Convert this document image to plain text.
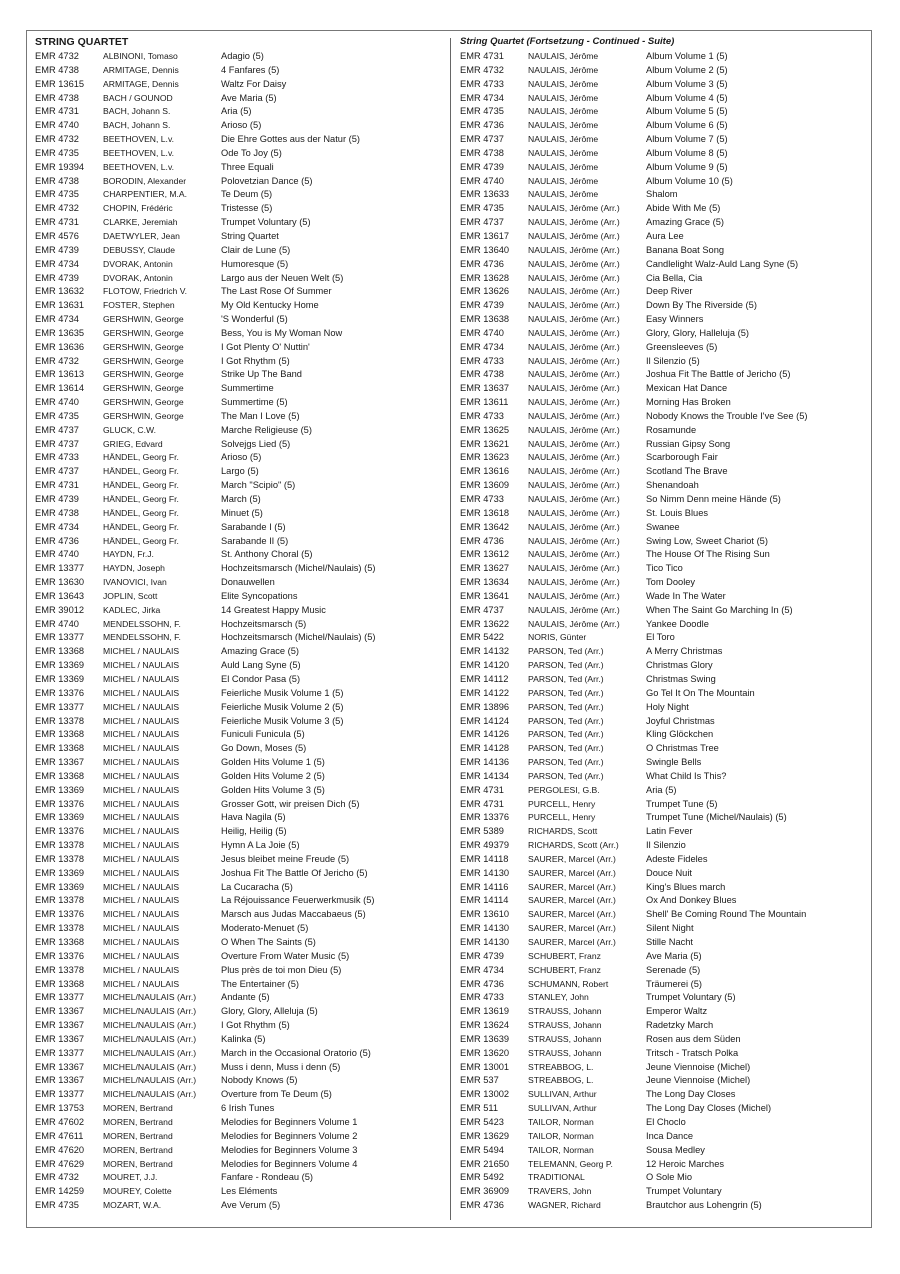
STRING QUARTET
EMR 4732	ALBINONI, Tomaso	Adagio (5)
EMR 4738	ARMITAGE, Dennis	4 Fanfares (5)
EMR 13615	ARMITAGE, Dennis	Waltz For Daisy
EMR 4738	BACH / GOUNOD	Ave Maria (5)
EMR 4731	BACH, Johann S.	Aria (5)
EMR 4740	BACH, Johann S.	Arioso (5)
EMR 4732	BEETHOVEN, L.v.	Die Ehre Gottes aus der Natur (5)
EMR 4735	BEETHOVEN, L.v.	Ode To Joy (5)
EMR 19394	BEETHOVEN, L.v.	Three Equali
EMR 4738	BORODIN, Alexander	Polovetzian Dance (5)
EMR 4735	CHARPENTIER, M.A.	Te Deum (5)
EMR 4732	CHOPIN, Frédéric	Tristesse (5)
EMR 4731	CLARKE, Jeremiah	Trumpet Voluntary (5)
EMR 4576	DAETWYLER, Jean	String Quartet
EMR 4739	DEBUSSY, Claude	Clair de Lune (5)
EMR 4734	DVORAK, Antonin	Humoresque (5)
EMR 4739	DVORAK, Antonin	Largo aus der Neuen Welt (5)
EMR 13632	FLOTOW, Friedrich V.	The Last Rose Of Summer
EMR 13631	FOSTER, Stephen	My Old Kentucky Home
EMR 4734	GERSHWIN, George	'S Wonderful (5)
EMR 13635	GERSHWIN, George	Bess, You is My Woman Now
EMR 13636	GERSHWIN, George	I Got Plenty O' Nuttin'
EMR 4732	GERSHWIN, George	I Got Rhythm (5)
EMR 13613	GERSHWIN, George	Strike Up The Band
EMR 13614	GERSHWIN, George	Summertime
EMR 4740	GERSHWIN, George	Summertime (5)
EMR 4735	GERSHWIN, George	The Man I Love (5)
EMR 4737	GLUCK, C.W.	Marche Religieuse (5)
EMR 4737	GRIEG, Edvard	Solvejgs Lied (5)
EMR 4733	HÄNDEL, Georg Fr.	Arioso (5)
EMR 4737	HÄNDEL, Georg Fr.	Largo (5)
EMR 4731	HÄNDEL, Georg Fr.	March "Scipio" (5)
EMR 4739	HÄNDEL, Georg Fr.	March (5)
EMR 4738	HÄNDEL, Georg Fr.	Minuet (5)
EMR 4734	HÄNDEL, Georg Fr.	Sarabande I (5)
EMR 4736	HÄNDEL, Georg Fr.	Sarabande II (5)
EMR 4740	HAYDN, Fr.J.	St. Anthony Choral (5)
EMR 13377	HAYDN, Joseph	Hochzeitsmarsch (Michel/Naulais) (5)
EMR 13630	IVANOVICI, Ivan	Donauwellen
EMR 13643	JOPLIN, Scott	Elite Syncopations
EMR 39012	KADLEC, Jirka	14 Greatest Happy Music
EMR 4740	MENDELSSOHN, F.	Hochzeitsmarsch (5)
EMR 13377	MENDELSSOHN, F.	Hochzeitsmarsch (Michel/Naulais) (5)
EMR 13368	MICHEL / NAULAIS	Amazing Grace (5)
EMR 13369	MICHEL / NAULAIS	Auld Lang Syne (5)
EMR 13369	MICHEL / NAULAIS	El Condor Pasa (5)
EMR 13376	MICHEL / NAULAIS	Feierliche Musik Volume 1 (5)
EMR 13377	MICHEL / NAULAIS	Feierliche Musik Volume 2 (5)
EMR 13378	MICHEL / NAULAIS	Feierliche Musik Volume 3 (5)
EMR 13368	MICHEL / NAULAIS	Funiculi Funicula (5)
EMR 13368	MICHEL / NAULAIS	Go Down, Moses (5)
EMR 13367	MICHEL / NAULAIS	Golden Hits Volume 1 (5)
EMR 13368	MICHEL / NAULAIS	Golden Hits Volume 2 (5)
EMR 13369	MICHEL / NAULAIS	Golden Hits Volume 3 (5)
EMR 13376	MICHEL / NAULAIS	Grosser Gott, wir preisen Dich (5)
EMR 13369	MICHEL / NAULAIS	Hava Nagila (5)
EMR 13376	MICHEL / NAULAIS	Heilig, Heilig (5)
EMR 13378	MICHEL / NAULAIS	Hymn A La Joie (5)
EMR 13378	MICHEL / NAULAIS	Jesus bleibet meine Freude (5)
EMR 13369	MICHEL / NAULAIS	Joshua Fit The Battle Of Jericho (5)
EMR 13369	MICHEL / NAULAIS	La Cucaracha (5)
EMR 13378	MICHEL / NAULAIS	La Réjouissance Feuerwerkmusik (5)
EMR 13376	MICHEL / NAULAIS	Marsch aus Judas Maccabaeus (5)
EMR 13378	MICHEL / NAULAIS	Moderato-Menuet (5)
EMR 13368	MICHEL / NAULAIS	O When The Saints (5)
EMR 13376	MICHEL / NAULAIS	Overture From Water Music (5)
EMR 13378	MICHEL / NAULAIS	Plus près de toi mon Dieu (5)
EMR 13368	MICHEL / NAULAIS	The Entertainer (5)
EMR 13377	MICHEL/NAULAIS (Arr.)	Andante (5)
EMR 13367	MICHEL/NAULAIS (Arr.)	Glory, Glory, Alleluja (5)
EMR 13367	MICHEL/NAULAIS (Arr.)	I Got Rhythm (5)
EMR 13367	MICHEL/NAULAIS (Arr.)	Kalinka (5)
EMR 13377	MICHEL/NAULAIS (Arr.)	March in the Occasional Oratorio (5)
EMR 13367	MICHEL/NAULAIS (Arr.)	Muss i denn, Muss i denn (5)
EMR 13367	MICHEL/NAULAIS (Arr.)	Nobody Knows (5)
EMR 13377	MICHEL/NAULAIS (Arr.)	Overture from Te Deum (5)
EMR 13753	MOREN, Bertrand	6 Irish Tunes
EMR 47602	MOREN, Bertrand	Melodies for Beginners Volume 1
EMR 47611	MOREN, Bertrand	Melodies for Beginners Volume 2
EMR 47620	MOREN, Bertrand	Melodies for Beginners Volume 3
EMR 47629	MOREN, Bertrand	Melodies for Beginners Volume 4
EMR 4732	MOURET, J.J.	Fanfare - Rondeau (5)
EMR 14259	MOUREY, Colette	Les Eléments
EMR 4735	MOZART, W.A.	Ave Verum (5)
String Quartet (Fortsetzung - Continued - Suite)
EMR 4731	NAULAIS, Jérôme	Album Volume 1 (5)
EMR 4732	NAULAIS, Jérôme	Album Volume 2 (5)
EMR 4733	NAULAIS, Jérôme	Album Volume 3 (5)
EMR 4734	NAULAIS, Jérôme	Album Volume 4 (5)
EMR 4735	NAULAIS, Jérôme	Album Volume 5 (5)
EMR 4736	NAULAIS, Jérôme	Album Volume 6 (5)
EMR 4737	NAULAIS, Jérôme	Album Volume 7 (5)
EMR 4738	NAULAIS, Jérôme	Album Volume 8 (5)
EMR 4739	NAULAIS, Jérôme	Album Volume 9 (5)
EMR 4740	NAULAIS, Jérôme	Album Volume 10 (5)
EMR 13633	NAULAIS, Jérôme	Shalom
EMR 4735	NAULAIS, Jérôme (Arr.)	Abide With Me (5)
EMR 4737	NAULAIS, Jérôme (Arr.)	Amazing Grace (5)
EMR 13617	NAULAIS, Jérôme (Arr.)	Aura Lee
EMR 13640	NAULAIS, Jérôme (Arr.)	Banana Boat Song
EMR 4736	NAULAIS, Jérôme (Arr.)	Candlelight Walz-Auld Lang Syne (5)
EMR 13628	NAULAIS, Jérôme (Arr.)	Cia Bella, Cia
EMR 13626	NAULAIS, Jérôme (Arr.)	Deep River
EMR 4739	NAULAIS, Jérôme (Arr.)	Down By The Riverside (5)
EMR 13638	NAULAIS, Jérôme (Arr.)	Easy Winners
EMR 4740	NAULAIS, Jérôme (Arr.)	Glory, Glory, Halleluja (5)
EMR 4734	NAULAIS, Jérôme (Arr.)	Greensleeves (5)
EMR 4733	NAULAIS, Jérôme (Arr.)	Il Silenzio (5)
EMR 4738	NAULAIS, Jérôme (Arr.)	Joshua Fit The Battle of Jericho (5)
EMR 13637	NAULAIS, Jérôme (Arr.)	Mexican Hat Dance
EMR 13611	NAULAIS, Jérôme (Arr.)	Morning Has Broken
EMR 4733	NAULAIS, Jérôme (Arr.)	Nobody Knows the Trouble I've See (5)
EMR 13625	NAULAIS, Jérôme (Arr.)	Rosamunde
EMR 13621	NAULAIS, Jérôme (Arr.)	Russian Gipsy Song
EMR 13623	NAULAIS, Jérôme (Arr.)	Scarborough Fair
EMR 13616	NAULAIS, Jérôme (Arr.)	Scotland The Brave
EMR 13609	NAULAIS, Jérôme (Arr.)	Shenandoah
EMR 4733	NAULAIS, Jérôme (Arr.)	So Nimm Denn meine Hände (5)
EMR 13618	NAULAIS, Jérôme (Arr.)	St. Louis Blues
EMR 13642	NAULAIS, Jérôme (Arr.)	Swanee
EMR 4736	NAULAIS, Jérôme (Arr.)	Swing Low, Sweet Chariot (5)
EMR 13612	NAULAIS, Jérôme (Arr.)	The House Of The Rising Sun
EMR 13627	NAULAIS, Jérôme (Arr.)	Tico Tico
EMR 13634	NAULAIS, Jérôme (Arr.)	Tom Dooley
EMR 13641	NAULAIS, Jérôme (Arr.)	Wade In The Water
EMR 4737	NAULAIS, Jérôme (Arr.)	When The Saint Go Marching In (5)
EMR 13622	NAULAIS, Jérôme (Arr.)	Yankee Doodle
EMR 5422	NORIS, Günter	El Toro
EMR 14132	PARSON, Ted (Arr.)	A Merry Christmas
EMR 14120	PARSON, Ted (Arr.)	Christmas Glory
EMR 14112	PARSON, Ted (Arr.)	Christmas Swing
EMR 14122	PARSON, Ted (Arr.)	Go Tel It On The Mountain
EMR 13896	PARSON, Ted (Arr.)	Holy Night
EMR 14124	PARSON, Ted (Arr.)	Joyful Christmas
EMR 14126	PARSON, Ted (Arr.)	Kling Glöckchen
EMR 14128	PARSON, Ted (Arr.)	O Christmas Tree
EMR 14136	PARSON, Ted (Arr.)	Swingle Bells
EMR 14134	PARSON, Ted (Arr.)	What Child Is This?
EMR 4731	PERGOLESI, G.B.	Aria (5)
EMR 4731	PURCELL, Henry	Trumpet Tune (5)
EMR 13376	PURCELL, Henry	Trumpet Tune (Michel/Naulais) (5)
EMR 5389	RICHARDS, Scott	Latin Fever
EMR 49379	RICHARDS, Scott (Arr.)	Il Silenzio
EMR 14118	SAURER, Marcel (Arr.)	Adeste Fideles
EMR 14130	SAURER, Marcel (Arr.)	Douce Nuit
EMR 14116	SAURER, Marcel (Arr.)	King's Blues march
EMR 14114	SAURER, Marcel (Arr.)	Ox And Donkey Blues
EMR 13610	SAURER, Marcel (Arr.)	Shell' Be Coming Round The Mountain
EMR 14130	SAURER, Marcel (Arr.)	Silent Night
EMR 14130	SAURER, Marcel (Arr.)	Stille Nacht
EMR 4739	SCHUBERT, Franz	Ave Maria (5)
EMR 4734	SCHUBERT, Franz	Serenade (5)
EMR 4736	SCHUMANN, Robert	Träumerei (5)
EMR 4733	STANLEY, John	Trumpet Voluntary (5)
EMR 13619	STRAUSS, Johann	Emperor Waltz
EMR 13624	STRAUSS, Johann	Radetzky March
EMR 13639	STRAUSS, Johann	Rosen aus dem Süden
EMR 13620	STRAUSS, Johann	Tritsch - Tratsch Polka
EMR 13001	STREABBOG, L.	Jeune Viennoise (Michel)
EMR 537	STREABBOG, L.	Jeune Viennoise (Michel)
EMR 13002	SULLIVAN, Arthur	The Long Day Closes
EMR 511	SULLIVAN, Arthur	The Long Day Closes (Michel)
EMR 5423	TAILOR, Norman	El Choclo
EMR 13629	TAILOR, Norman	Inca Dance
EMR 5494	TAILOR, Norman	Sousa Medley
EMR 21650	TELEMANN, Georg P.	12 Heroic Marches
EMR 5492	TRADITIONAL	O Sole Mio
EMR 36909	TRAVERS, John	Trumpet Voluntary
EMR 4736	WAGNER, Richard	Brautchor aus Lohengrin (5)
